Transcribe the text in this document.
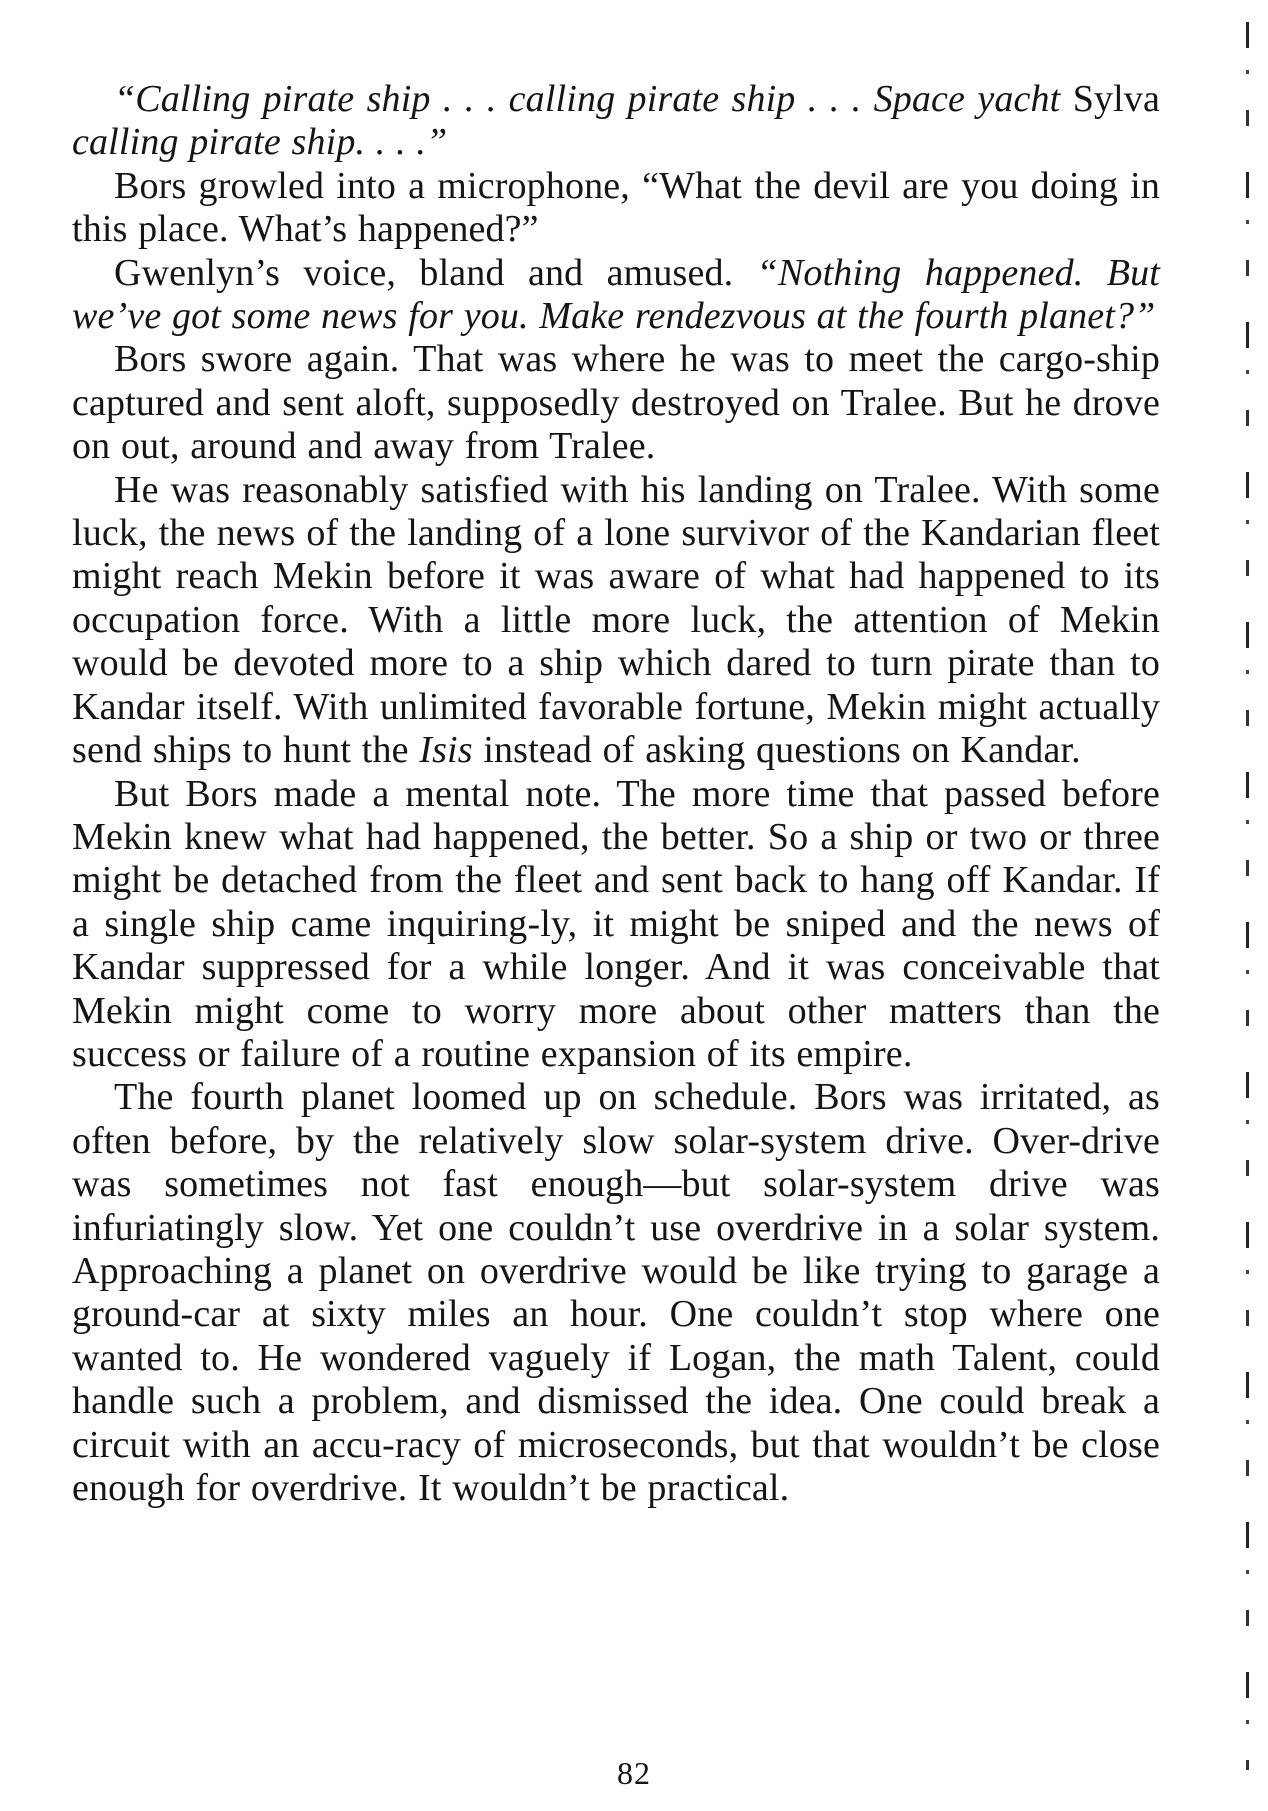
“Calling pirate ship . . . calling pirate ship . . . Space yacht Sylva calling pirate ship. . . .”

Bors growled into a microphone, “What the devil are you doing in this place. What’s happened?”

Gwenlyn’s voice, bland and amused. “Nothing happened. But we’ve got some news for you. Make rendezvous at the fourth planet?”

Bors swore again. That was where he was to meet the cargo-ship captured and sent aloft, supposedly destroyed on Tralee. But he drove on out, around and away from Tralee.

He was reasonably satisfied with his landing on Tralee. With some luck, the news of the landing of a lone survivor of the Kandarian fleet might reach Mekin before it was aware of what had happened to its occupation force. With a little more luck, the attention of Mekin would be devoted more to a ship which dared to turn pirate than to Kandar itself. With unlimited favorable fortune, Mekin might actually send ships to hunt the Isis instead of asking questions on Kandar.

But Bors made a mental note. The more time that passed before Mekin knew what had happened, the better. So a ship or two or three might be detached from the fleet and sent back to hang off Kandar. If a single ship came inquiring-ly, it might be sniped and the news of Kandar suppressed for a while longer. And it was conceivable that Mekin might come to worry more about other matters than the success or failure of a routine expansion of its empire.

The fourth planet loomed up on schedule. Bors was irritated, as often before, by the relatively slow solar-system drive. Over-drive was sometimes not fast enough—but solar-system drive was infuriatingly slow. Yet one couldn’t use overdrive in a solar system. Approaching a planet on overdrive would be like trying to garage a ground-car at sixty miles an hour. One couldn’t stop where one wanted to. He wondered vaguely if Logan, the math Talent, could handle such a problem, and dismissed the idea. One could break a circuit with an accu-racy of microseconds, but that wouldn’t be close enough for overdrive. It wouldn’t be practical.

82
